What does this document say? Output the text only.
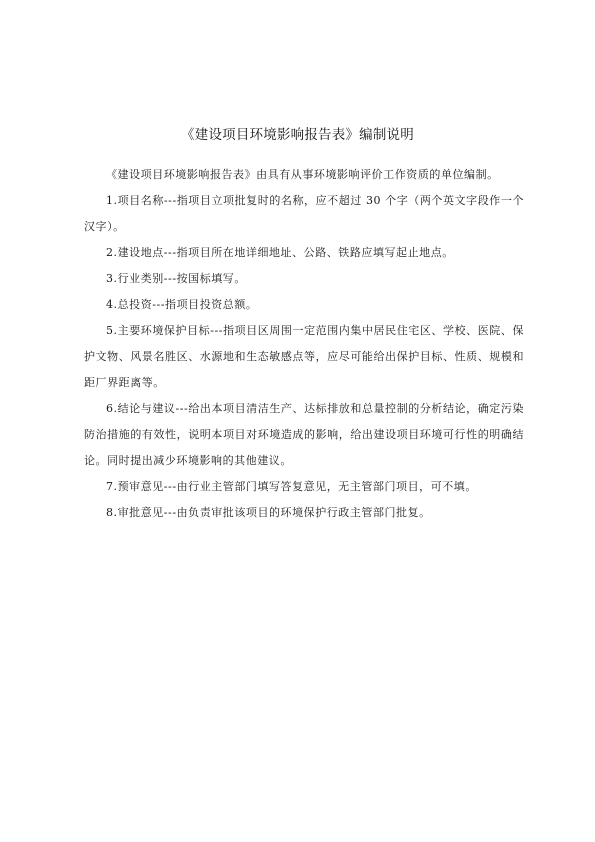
《建设项目环境影响报告表》编制说明

《建设项目环境影响报告表》由具有从事环境影响评价工作资质的单位编制。

1.项目名称---指项目立项批复时的名称，应不超过 30 个字（两个英文字段作一个汉字）。

2.建设地点---指项目所在地详细地址、公路、铁路应填写起止地点。

3.行业类别---按国标填写。

4.总投资---指项目投资总额。

5.主要环境保护目标---指项目区周围一定范围内集中居民住宅区、学校、医院、保护文物、风景名胜区、水源地和生态敏感点等，应尽可能给出保护目标、性质、规模和距厂界距离等。

6.结论与建议---给出本项目清洁生产、达标排放和总量控制的分析结论，确定污染防治措施的有效性，说明本项目对环境造成的影响，给出建设项目环境可行性的明确结论。同时提出减少环境影响的其他建议。

7.预审意见---由行业主管部门填写答复意见，无主管部门项目，可不填。

8.审批意见---由负责审批该项目的环境保护行政主管部门批复。
